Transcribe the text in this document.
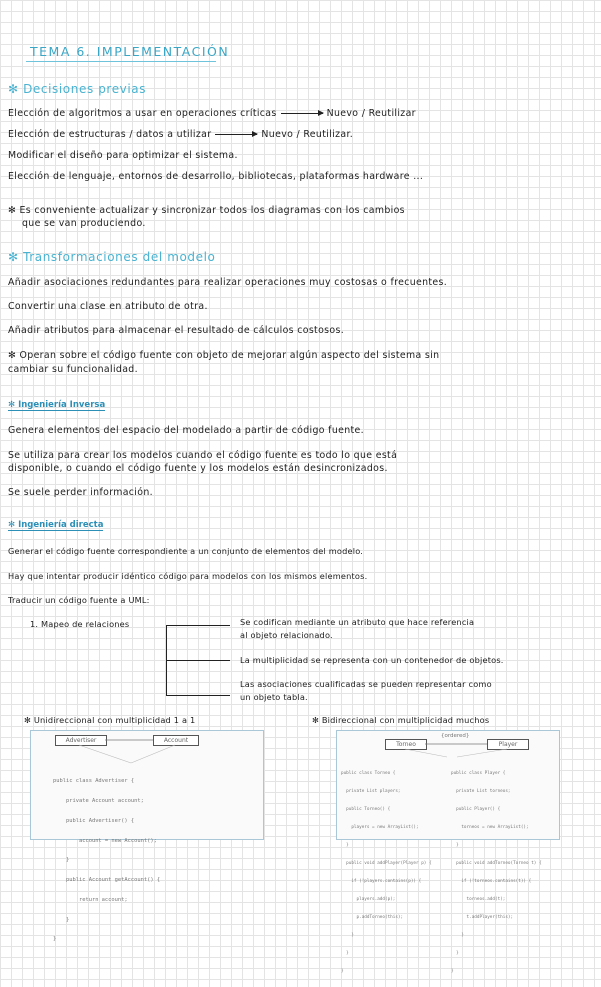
TEMA 6. IMPLEMENTACIÓN
✻ Decisiones previas
Elección de algoritmos a usar en operaciones críticas	Nuevo / Reutilizar
Elección de estructuras / datos a utilizar	Nuevo / Reutilizar.
Modificar el diseño para optimizar el sistema.
Elección de lenguaje, entornos de desarrollo, bibliotecas, plataformas hardware ...
✻ Es conveniente actualizar y sincronizar todos los diagramas con los cambios
que se van produciendo.
✻ Transformaciones del modelo
Añadir asociaciones redundantes para realizar operaciones muy costosas o frecuentes.
Convertir una clase en atributo de otra.
Añadir atributos para almacenar el resultado de cálculos costosos.
✻ Operan sobre el código fuente con objeto de mejorar algún aspecto del sistema sin
cambiar su funcionalidad.
✻ Ingeniería Inversa
Genera elementos del espacio del modelado a partir de código fuente.
Se utiliza para crear los modelos cuando el código fuente es todo lo que está
disponible, o cuando el código fuente y los modelos están desincronizados.
Se suele perder información.
✻ Ingeniería directa
Generar el código fuente correspondiente a un conjunto de elementos del modelo.
Hay que intentar producir idéntico código para modelos con los mismos elementos.
Traducir un código fuente a UML:
1. Mapeo de relaciones	Se codifican mediante un atributo que hace referencia
al objeto relacionado.
La multiplicidad se representa con un contenedor de objetos.
Las asociaciones cualificadas se pueden representar como
un objeto tabla.
✻ Unidireccional con multiplicidad 1 a 1	✻ Bidireccional con multiplicidad muchos
Advertiser	Account

public class Advertiser {

private Account account;

public Advertiser() {

account = new Account();

}

public Account getAccount() {

return account;

}

}

Torneo	Player
{ordered}

public class Torneo {

private List players;

public Torneo() {

players = new ArrayList();

}

public void addPlayer(Player p) {

if (!players.contains(p)) {

players.add(p);

p.addTorneo(this);

}

}

}

public class Player {

private List torneos;

public Player() {

torneos = new ArrayList();

}

public void addTorneo(Torneo t) {

if (!torneos.contains(t)) {

torneos.add(t);

t.addPlayer(this);

}

}

}
